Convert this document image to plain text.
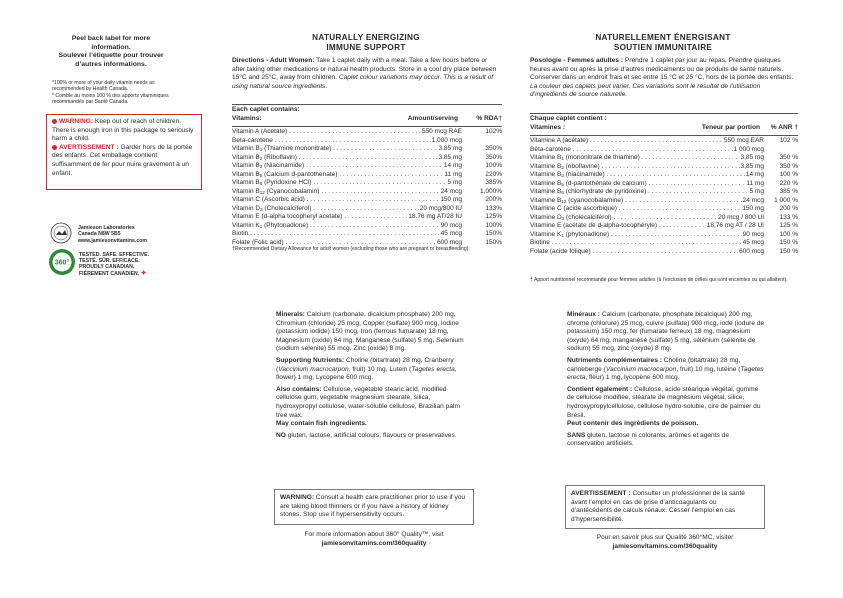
Peel back label for more information.
Soulever l’étiquette pour trouver
d’autres informations.
*100% or more of your daily vitamin needs as
recommended by Health Canada.
* Comble au moins 100 % des apports vitaminiques
recommandés par Santé Canada.
WARNING: Keep out of reach of children. There is enough iron in this package to seriously harm a child.
AVERTISSEMENT : Garder hors de la portée des enfants. Cet emballage contient suffisamment de fer pour nuire gravement à un enfant.
Jamieson Laboratories
Canada N8W 5B5
www.jamiesonvitamins.com
360°
TESTED. SAFE. EFFECTIVE.
TESTÉ. SÛR. EFFICACE.
PROUDLY CANADIAN.
FIÈREMENT CANADIEN. ✦
NATURALLY ENERGIZING
IMMUNE SUPPORT
Directions - Adult Women: Take 1 caplet daily with a meal. Take a few hours before or after taking other medications or natural health products. Store in a cool dry place between 15°C and 25°C, away from children. Caplet colour variations may occur. This is a result of using natural source ingredients.
Each caplet contains:
Vitamins:	Amount/serving	% RDA†
Vitamin A (Acetate) . . .	550 mcg RAE	102%
Beta-carotene . . .	1,000 mcg
Vitamin $B_1$ (Thiamine mononitrate) . . .	3.85 mg	350%
Vitamin $B_2$ (Riboflavin) . . .	3.85 mg	350%
Vitamin $B_3$ (Niacinamide) . . .	14 mg	100%
Vitamin $B_5$ (Calcium d-pantothenate) . . .	11 mg	220%
Vitamin $B_6$ (Pyridoxine HCl) . . .	5 mg	385%
Vitamin $B_{12}$ (Cyanocobalamin) . . .	24 mcg	1,000%
Vitamin C (Ascorbic acid) . . .	150 mg	200%
Vitamin $D_3$ (Cholecalciferol) . . .	20 mcg/800 IU	133%
Vitamin E (d-alpha tocopheryl acetate) . . .	18.76 mg AT/28 IU	125%
Vitamin $K_1$ (Phytonadione) . . .	90 mcg	100%
Biotin . . .	45 mcg	150%
Folate (Folic acid) . . .	600 mcg	150%
†Recommended Dietary Allowance for adult women (excluding those who are pregnant or breastfeeding).
Minerals: Calcium (carbonate, dicalcium phosphate) 200 mg, Chromium (chloride) 25 mcg, Copper (sulfate) 900 mcg, Iodine (potassium iodide) 150 mcg, Iron (ferrous fumarate) 18 mg, Magnesium (oxide) 64 mg, Manganese (sulfate) 5 mg, Selenium (sodium selenite) 55 mcg, Zinc (oxide) 8 mg.
Supporting Nutrients: Choline (bitartrate) 28 mg, Cranberry (Vaccinium macrocarpon, fruit) 10 mg, Lutein (Tagetes erecta, flower) 1 mg, Lycopene 600 mcg.
Also contains: Cellulose, vegetable stearic acid, modified cellulose gum, vegetable magnesium stearate, silica, hydroxypropyl cellulose, water-soluble cellulose, Brazilian palm tree wax.
May contain fish ingredients.
NO gluten, lactose, artificial colours, flavours or preservatives.
WARNING: Consult a health care practitioner prior to use if you are taking blood thinners or if you have a history of kidney stones. Stop use if hypersensitivity occurs.
For more information about 360° Quality™, visit
jamiesonvitamins.com/360quality
NATURELLEMENT ÉNERGISANT
SOUTIEN IMMUNITAIRE
Posologie - Femmes adultes : Prendre 1 caplet par jour au repas. Prendre quelques heures avant ou après la prise d’autres médicaments ou de produits de santé naturels. Conserver dans un endroit frais et sec entre 15 °C et 25 °C, hors de la portée des enfants. La couleur des caplets peut varier. Ces variations sont le résultat de l’utilisation d’ingrédients de source naturelle.
Chaque caplet contient :
Vitamines :	Teneur par portion	% ANR †
Vitamine A (acétate) . . .	550 mcg EAR	102 %
Bêta-carotène . . .	1 000 mcg
Vitamine $B_1$ (mononitrate de thiamine) . . .	3,85 mg	350 %
Vitamine $B_2$ (riboflavine) . . .	3,85 mg	350 %
Vitamine $B_3$ (niacinamide) . . .	14 mg	100 %
Vitamine $B_5$ (d-pantothénate de calcium) . . .	11 mg	220 %
Vitamine $B_6$ (chlorhydrate de pyridoxine) . . .	5 mg	385 %
Vitamine $B_{12}$ (cyanocobalamine) . . .	24 mcg	1 000 %
Vitamine C (acide ascorbique) . . .	150 mg	200 %
Vitamine $D_3$ (cholécalciférol) . . .	20 mcg / 800 UI	133 %
Vitamine E (acétate de d-alpha-tocophéryle) . . .	18,76 mg AT / 28 UI	125 %
Vitamine $K_1$ (phytonadione) . . .	90 mcg	100 %
Biotine . . .	45 mcg	150 %
Folate (acide folique) . . .	600 mcg	150 %
† Apport nutritionnel recommandé pour femmes adultes (à l’exclusion de celles qui sont enceintes ou qui allaitent).
Minéraux : Calcium (carbonate, phosphate bicalcique) 200 mg, chrome (chlorure) 25 mcg, cuivre (sulfate) 900 mcg, iode (iodure de potassium) 150 mcg, fer (fumarate ferreux) 18 mg, magnésium (oxyde) 64 mg, manganèse (sulfate) 5 mg, sélénium (sélénite de sodium) 55 mcg, zinc (oxyde) 8 mg.
Nutriments complémentaires : Choline (bitartrate) 28 mg, canneberge (Vaccinium macrocarpon, fruit) 10 mg, lutéine (Tagetes erecta, fleur) 1 mg, lycopène 600 mcg.
Contient également : Cellulose, acide stéarique végétal, gomme de cellulose modifiée, stéarate de magnésium végétal, silice, hydroxypropylcellulose, cellulose hydro-soluble, cire de palmier du Brésil.
Peut contenir des ingrédients de poisson.
SANS gluten, lactose ni colorants, arômes et agents de conservation artificiels.
AVERTISSEMENT : Consulter un professionnel de la santé avant l’emploi en cas de prise d’anticoagulants ou d’antécédents de calculs rénaux. Cesser l’emploi en cas d’hypersensibilité.
Pour en savoir plus sur Qualité 360°MC, visiter
jamiesonvitamins.com/360quality
